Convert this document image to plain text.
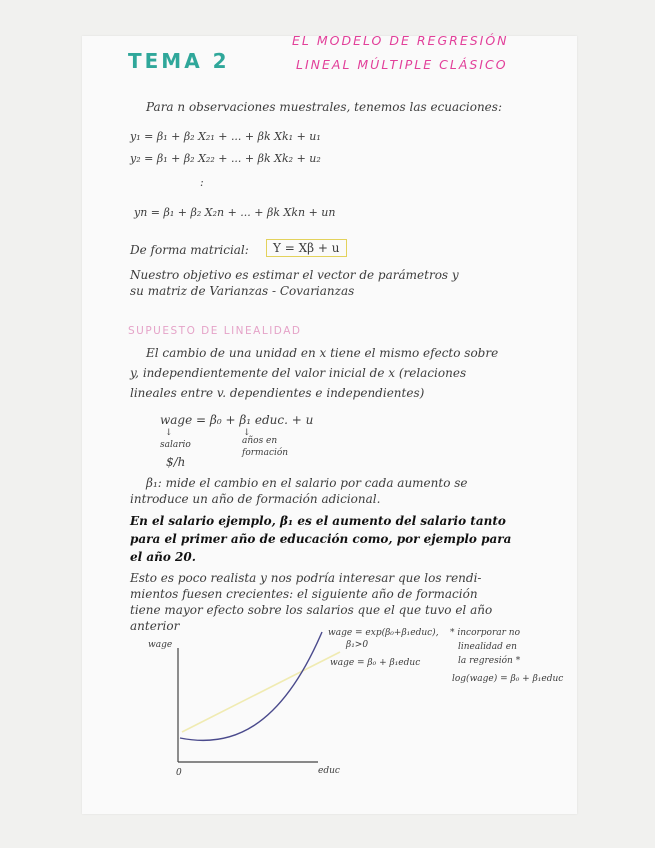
TEMA 2
EL MODELO DE REGRESIÓN
LINEAL MÚLTIPLE CLÁSICO
Para n observaciones muestrales, tenemos las ecuaciones:
y₁ = β₁ + β₂ X₂₁ + ... + βk Xk₁ + u₁
y₂ = β₁ + β₂ X₂₂ + ... + βk Xk₂ + u₂
:
yn = β₁ + β₂ X₂n + ... + βk Xkn + un
De forma matricial:	Y = Xβ + u
Nuestro objetivo es estimar el vector de parámetros y
su matriz de Varianzas - Covarianzas
SUPUESTO DE LINEALIDAD
El cambio de una unidad en x tiene el mismo efecto sobre
y, independientemente del valor inicial de x (relaciones
lineales entre v. dependientes e independientes)
wage = β₀ + β₁ educ. + u
↓	↓
salario
$/h
años en
formación
β₁: mide el cambio en el salario por cada aumento se
introduce un año de formación adicional.
En el salario ejemplo, β₁ es el aumento del salario tanto
para el primer año de educación como, por ejemplo para
el año 20.
Esto es poco realista y nos podría interesar que los rendi-
mientos fuesen crecientes: el siguiente año de formación
tiene mayor efecto sobre los salarios que el que tuvo el año
anterior
wage
0	educ
wage = exp(β₀+β₁educ),
β₁>0
wage = β₀ + β₁educ
* incorporar no
linealidad en
la regresión *
log(wage) = β₀ + β₁educ
